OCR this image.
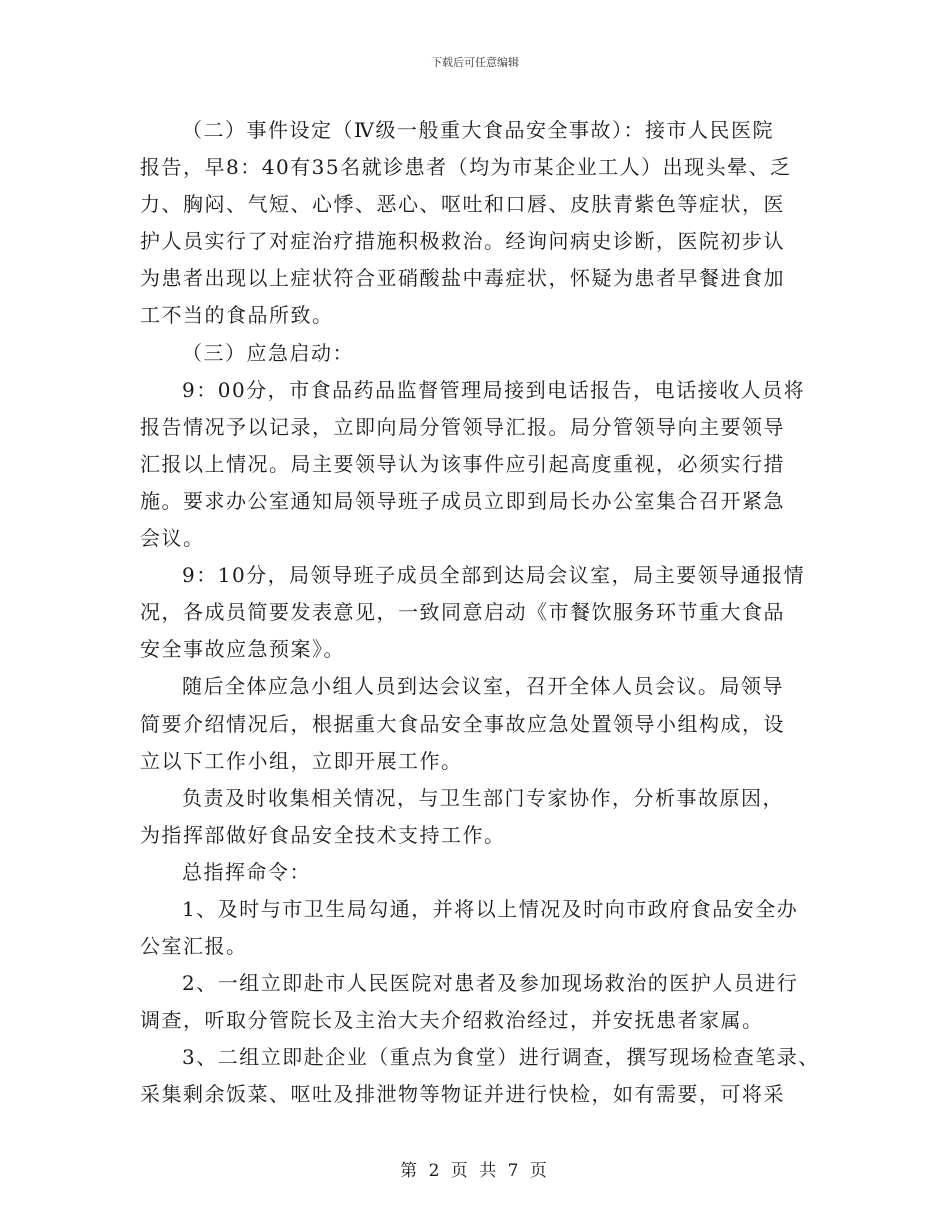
下载后可任意编辑
（二）事件设定（Ⅳ级一般重大食品安全事故）：接市人民医院
报告，早8：40有35名就诊患者（均为市某企业工人）出现头晕、乏
力、胸闷、气短、心悸、恶心、呕吐和口唇、皮肤青紫色等症状，医
护人员实行了对症治疗措施积极救治。经询问病史诊断，医院初步认
为患者出现以上症状符合亚硝酸盐中毒症状，怀疑为患者早餐进食加
工不当的食品所致。
（三）应急启动：
9：00分，市食品药品监督管理局接到电话报告，电话接收人员将
报告情况予以记录，立即向局分管领导汇报。局分管领导向主要领导
汇报以上情况。局主要领导认为该事件应引起高度重视，必须实行措
施。要求办公室通知局领导班子成员立即到局长办公室集合召开紧急
会议。
9：10分，局领导班子成员全部到达局会议室，局主要领导通报情
况，各成员简要发表意见，一致同意启动《市餐饮服务环节重大食品
安全事故应急预案》。
随后全体应急小组人员到达会议室，召开全体人员会议。局领导
简要介绍情况后，根据重大食品安全事故应急处置领导小组构成，设
立以下工作小组，立即开展工作。
负责及时收集相关情况，与卫生部门专家协作，分析事故原因，
为指挥部做好食品安全技术支持工作。
总指挥命令：
1、及时与市卫生局勾通，并将以上情况及时向市政府食品安全办
公室汇报。
2、一组立即赴市人民医院对患者及参加现场救治的医护人员进行
调查，听取分管院长及主治大夫介绍救治经过，并安抚患者家属。
3、二组立即赴企业（重点为食堂）进行调查，撰写现场检查笔录、
采集剩余饭菜、呕吐及排泄物等物证并进行快检，如有需要，可将采
第 2 页 共 7 页
